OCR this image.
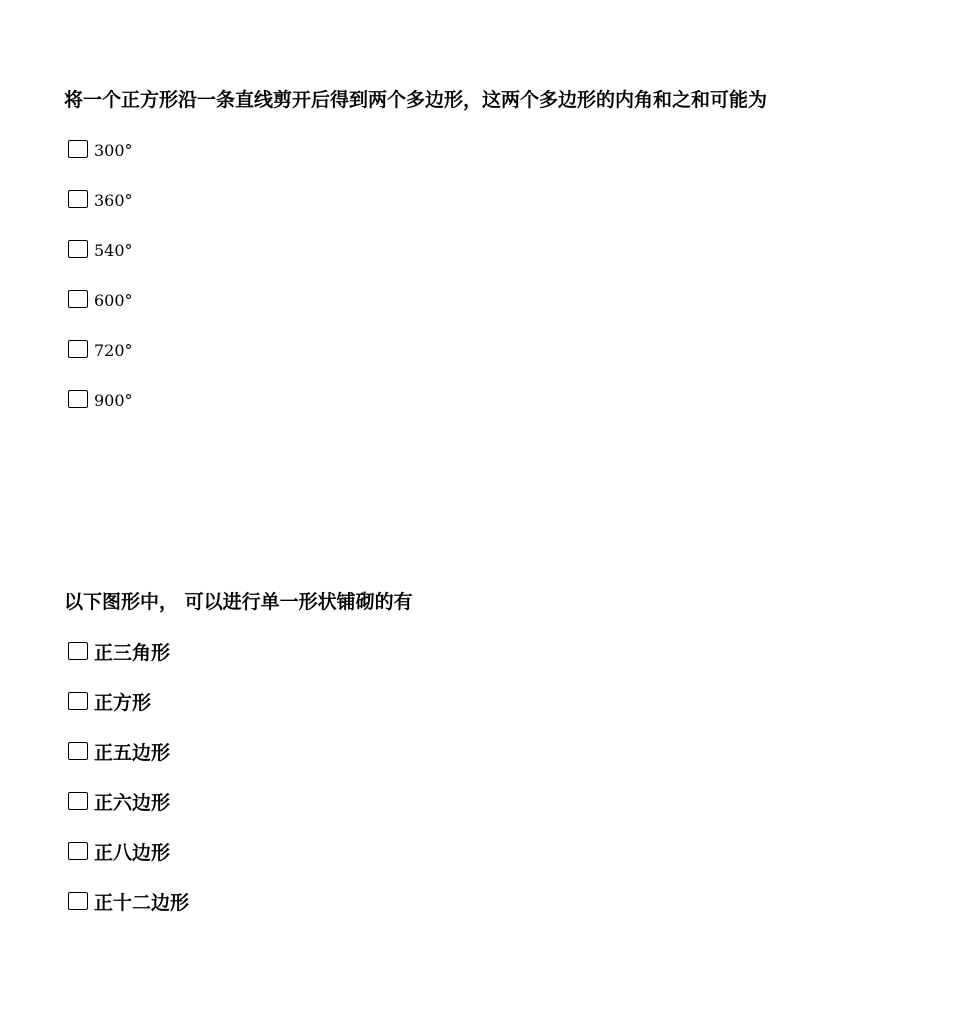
将一个正方形沿一条直线剪开后得到两个多边形，这两个多边形的内角和之和可能为
300°
360°
540°
600°
720°
900°
以下图形中， 可以进行单一形状铺砌的有
正三角形
正方形
正五边形
正六边形
正八边形
正十二边形
